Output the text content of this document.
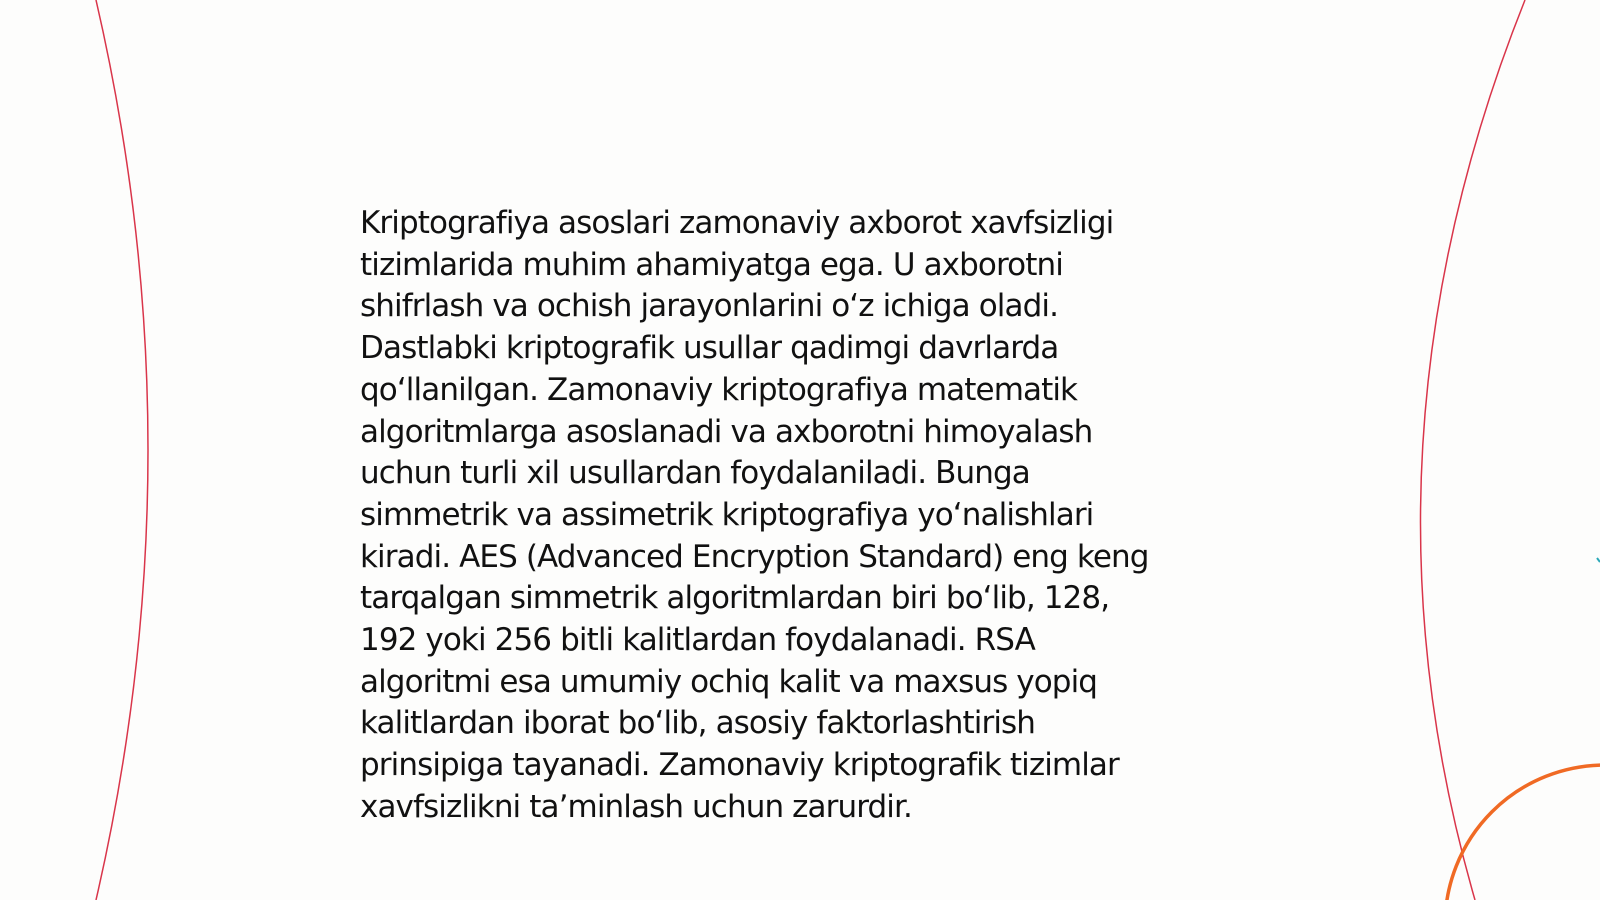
Kriptografiya asoslari zamonaviy axborot xavfsizligi
tizimlarida muhim ahamiyatga ega. U axborotni
shifrlash va ochish jarayonlarini oʻz ichiga oladi.
Dastlabki kriptografik usullar qadimgi davrlarda
qoʻllanilgan. Zamonaviy kriptografiya matematik
algoritmlarga asoslanadi va axborotni himoyalash
uchun turli xil usullardan foydalaniladi. Bunga
simmetrik va assimetrik kriptografiya yoʻnalishlari
kiradi. AES (Advanced Encryption Standard) eng keng
tarqalgan simmetrik algoritmlardan biri boʻlib, 128,
192 yoki 256 bitli kalitlardan foydalanadi. RSA
algoritmi esa umumiy ochiq kalit va maxsus yopiq
kalitlardan iborat boʻlib, asosiy faktorlashtirish
prinsipiga tayanadi. Zamonaviy kriptografik tizimlar
xavfsizlikni taʼminlash uchun zarurdir.
